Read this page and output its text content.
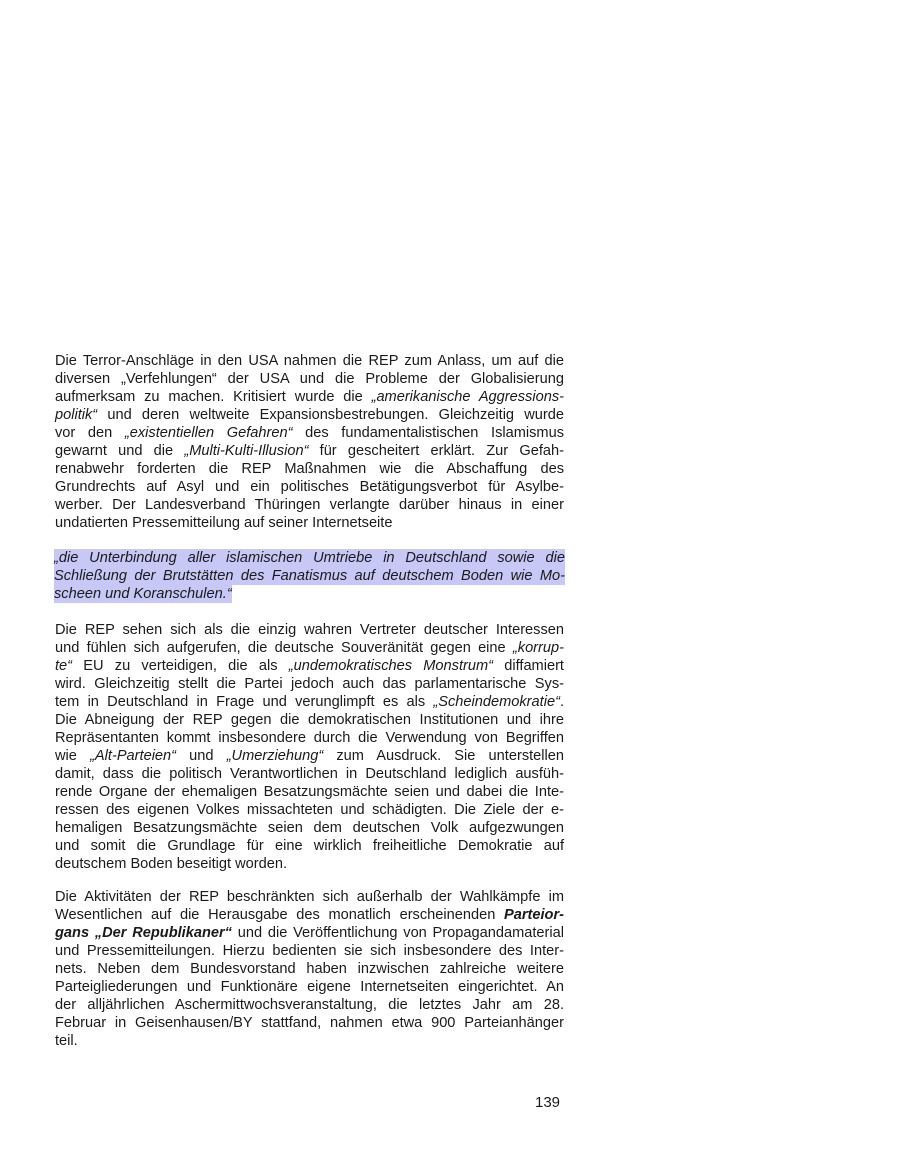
Die Terror-Anschläge in den USA nahmen die REP zum Anlass, um auf die
diversen „Verfehlungen“ der USA und die Probleme der Globalisierung
aufmerksam zu machen. Kritisiert wurde die „amerikanische Aggressions-
politik“ und deren weltweite Expansionsbestrebungen. Gleichzeitig wurde
vor den „existentiellen Gefahren“ des fundamentalistischen Islamismus
gewarnt und die „Multi-Kulti-Illusion“ für gescheitert erklärt. Zur Gefah-
renabwehr forderten die REP Maßnahmen wie die Abschaffung des
Grundrechts auf Asyl und ein politisches Betätigungsverbot für Asylbe-
werber. Der Landesverband Thüringen verlangte darüber hinaus in einer
undatierten Pressemitteilung auf seiner Internetseite
„die Unterbindung aller islamischen Umtriebe in Deutschland sowie die
Schließung der Brutstätten des Fanatismus auf deutschem Boden wie Mo-
scheen und Koranschulen.“
Die REP sehen sich als die einzig wahren Vertreter deutscher Interessen
und fühlen sich aufgerufen, die deutsche Souveränität gegen eine „korrup-
te“ EU zu verteidigen, die als „undemokratisches Monstrum“ diffamiert
wird. Gleichzeitig stellt die Partei jedoch auch das parlamentarische Sys-
tem in Deutschland in Frage und verunglimpft es als „Scheindemokratie“.
Die Abneigung der REP gegen die demokratischen Institutionen und ihre
Repräsentanten kommt insbesondere durch die Verwendung von Begriffen
wie „Alt-Parteien“ und „Umerziehung“ zum Ausdruck. Sie unterstellen
damit, dass die politisch Verantwortlichen in Deutschland lediglich ausfüh-
rende Organe der ehemaligen Besatzungsmächte seien und dabei die Inte-
ressen des eigenen Volkes missachteten und schädigten. Die Ziele der e-
hemaligen Besatzungsmächte seien dem deutschen Volk aufgezwungen
und somit die Grundlage für eine wirklich freiheitliche Demokratie auf
deutschem Boden beseitigt worden.
Die Aktivitäten der REP beschränkten sich außerhalb der Wahlkämpfe im
Wesentlichen auf die Herausgabe des monatlich erscheinenden Parteior-
gans „Der Republikaner“ und die Veröffentlichung von Propagandamaterial
und Pressemitteilungen. Hierzu bedienten sie sich insbesondere des Inter-
nets. Neben dem Bundesvorstand haben inzwischen zahlreiche weitere
Parteigliederungen und Funktionäre eigene Internetseiten eingerichtet. An
der alljährlichen Aschermittwochsveranstaltung, die letztes Jahr am 28.
Februar in Geisenhausen/BY stattfand, nahmen etwa 900 Parteianhänger
teil.
139
